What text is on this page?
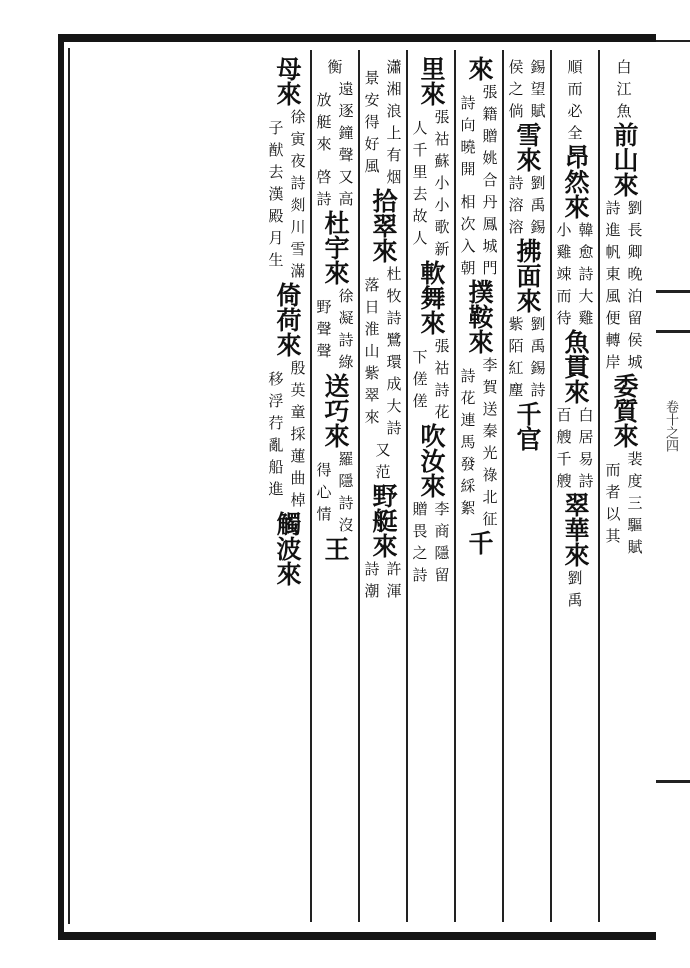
白
江
魚
前山來
劉
長
卿
晚
泊
留
侯
城
詩
進
帆
東
風
便
轉
岸
委質來
裴
度
三
驅
賦
而
者
以
其
順
而
必
全
昂然來
韓
愈
詩
大
雞
小
雞
竦
而
待
魚貫來
白
居
易
詩
百
艘
千
艘
翠華來
劉
禹
錫
望
賦
侯
之
倘
雪來
劉
禹
錫
詩
溶
溶
拂面來
劉
禹
錫
詩
紫
陌
紅
塵
千官
來
張
籍
贈
姚
合
詩
向
曉
開
丹
鳳
城
門
相
次
入
朝
撲鞍來
李
賀
送
秦
光
祿
北
征
詩
花
連
馬
發
綵
絮
千
里來
張
祜
蘇
小
小
歌
新
人
千
里
去
故
人
軟舞來
張
祜
詩
花
下
傞
傞
吹汝來
李
商
隱
留
贈
畏
之
詩
瀟
湘
浪
上
有
烟
景
安
得
好
風
拾翠來
杜
牧
詩
鷺
環
成
大
詩
落
日
淮
山
紫
翠
來
又
范
野艇來
許
渾
詩
潮
衡
遠
逐
鐘
聲
放
艇
來
又
高
啓
詩
杜宇來
徐
凝
詩
綠
野
聲
聲
送巧來
羅
隱
詩
沒
得
心
情
王
母來
徐
寅
夜
詩
剡
川
雪
滿
子
猷
去
漢
殿
月
生
倚荷來
殷
英
童
採
蓮
曲
棹
移
浮
荇
亂
船
進
觸波來
卷十之四
